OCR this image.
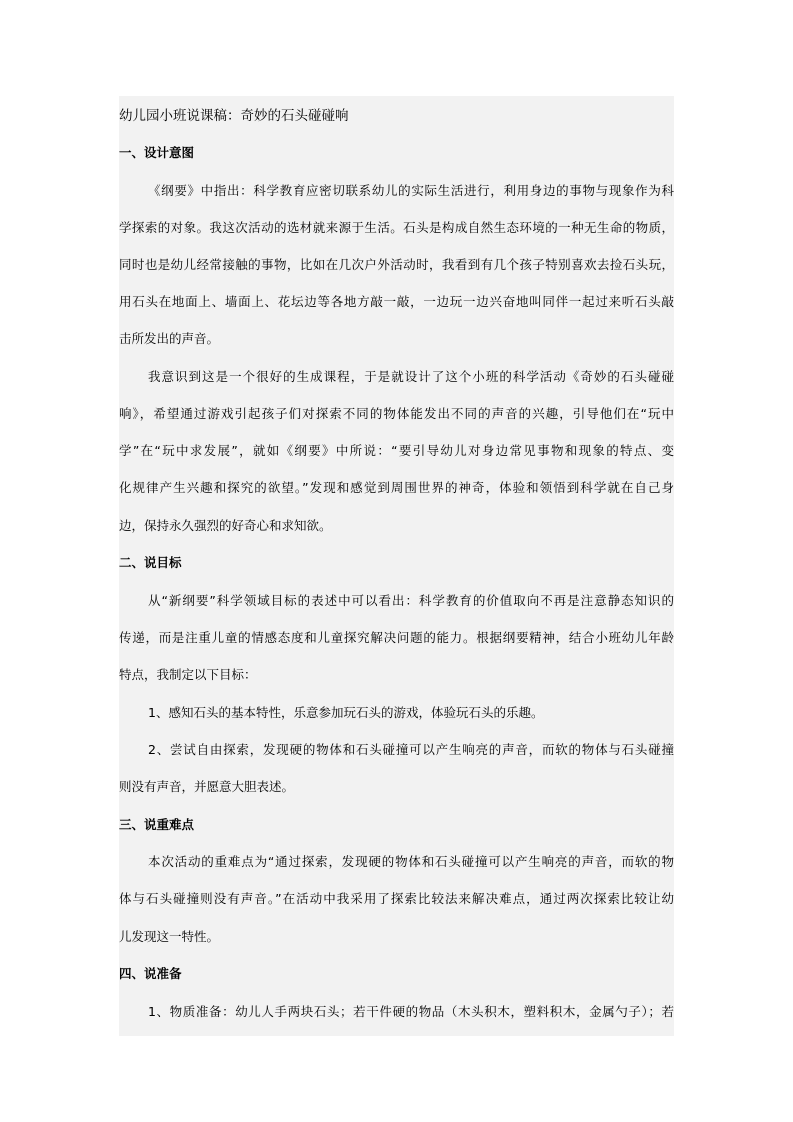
幼儿园小班说课稿：奇妙的石头碰碰响
一、设计意图
《纲要》中指出：科学教育应密切联系幼儿的实际生活进行，利用身边的事物与现象作为科
学探索的对象。我这次活动的选材就来源于生活。石头是构成自然生态环境的一种无生命的物质，
同时也是幼儿经常接触的事物，比如在几次户外活动时，我看到有几个孩子特别喜欢去捡石头玩，
用石头在地面上、墙面上、花坛边等各地方敲一敲，一边玩一边兴奋地叫同伴一起过来听石头敲
击所发出的声音。
我意识到这是一个很好的生成课程，于是就设计了这个小班的科学活动《奇妙的石头碰碰
响》，希望通过游戏引起孩子们对探索不同的物体能发出不同的声音的兴趣，引导他们在“玩中
学”在“玩中求发展”，就如《纲要》中所说：“要引导幼儿对身边常见事物和现象的特点、变
化规律产生兴趣和探究的欲望。”发现和感觉到周围世界的神奇，体验和领悟到科学就在自己身
边，保持永久强烈的好奇心和求知欲。
二、说目标
从“新纲要”科学领域目标的表述中可以看出：科学教育的价值取向不再是注意静态知识的
传递，而是注重儿童的情感态度和儿童探究解决问题的能力。根据纲要精神，结合小班幼儿年龄
特点，我制定以下目标：
1、感知石头的基本特性，乐意参加玩石头的游戏，体验玩石头的乐趣。
2、尝试自由探索，发现硬的物体和石头碰撞可以产生响亮的声音，而软的物体与石头碰撞
则没有声音，并愿意大胆表述。
三、说重难点
本次活动的重难点为“通过探索，发现硬的物体和石头碰撞可以产生响亮的声音，而软的物
体与石头碰撞则没有声音。”在活动中我采用了探索比较法来解决难点，通过两次探索比较让幼
儿发现这一特性。
四、说准备
1、物质准备：幼儿人手两块石头；若干件硬的物品（木头积木，塑料积木，金属勺子）；若
